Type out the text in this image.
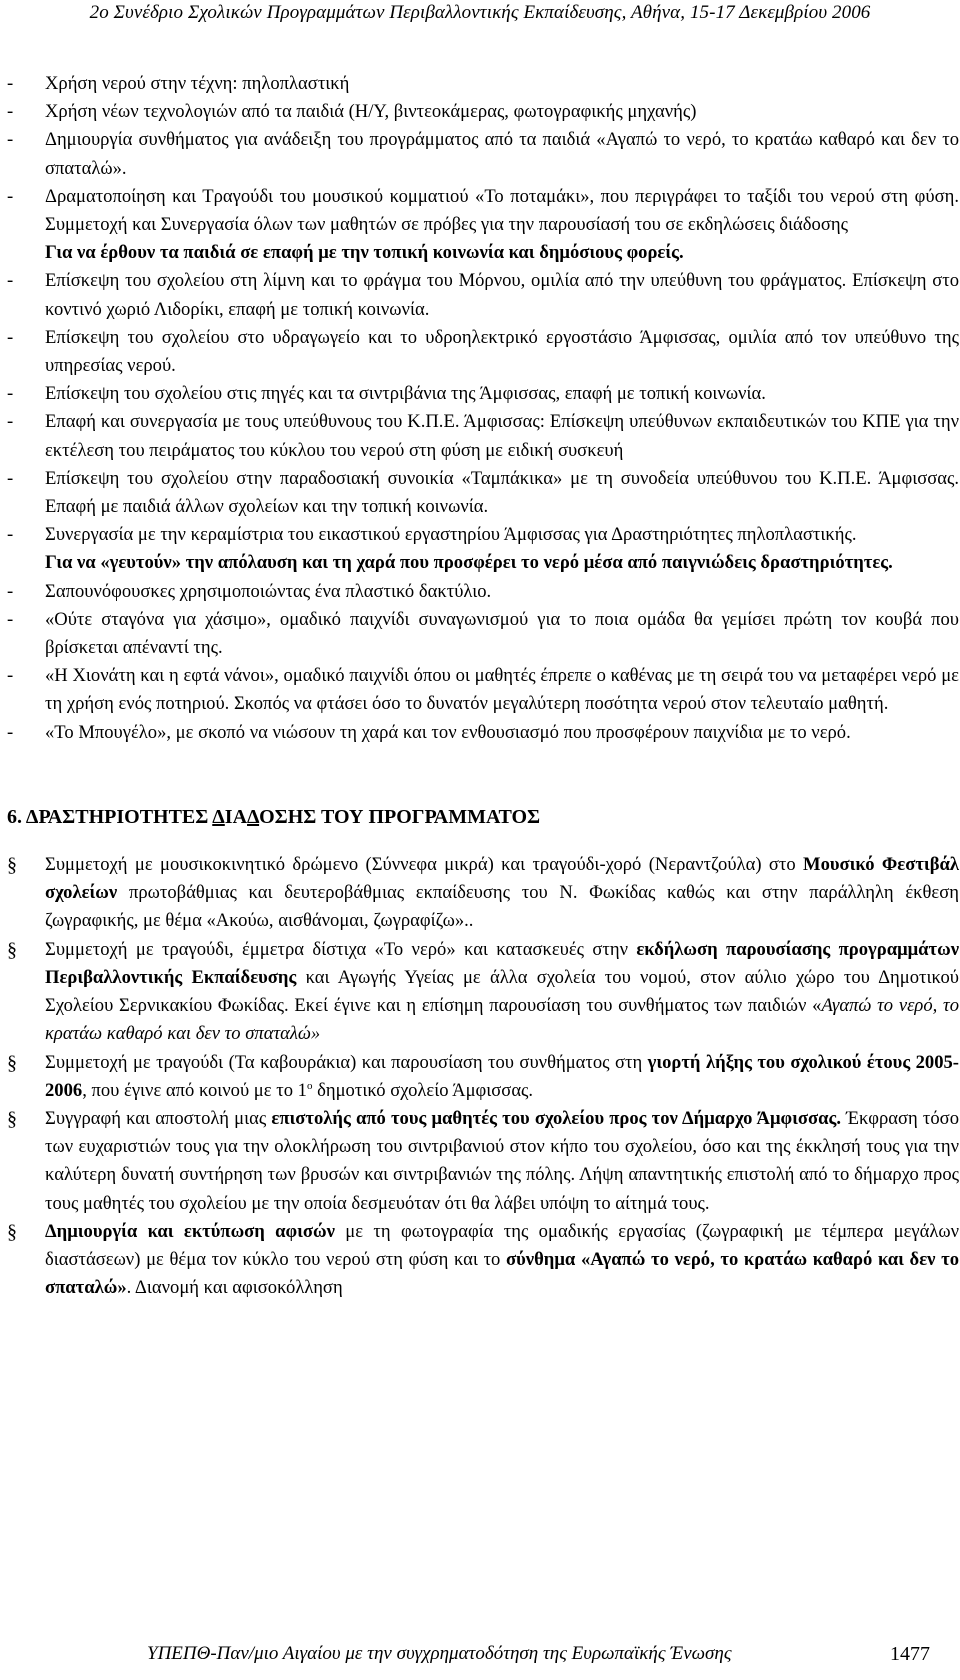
2ο Συνέδριο Σχολικών Προγραμμάτων Περιβαλλοντικής Εκπαίδευσης, Αθήνα, 15-17 Δεκεμβρίου 2006
- Χρήση νερού στην τέχνη: πηλοπλαστική
- Χρήση νέων τεχνολογιών από τα παιδιά (Η/Υ, βιντεοκάμερας, φωτογραφικής μηχανής)
- Δημιουργία συνθήματος για ανάδειξη του προγράμματος από τα παιδιά «Αγαπώ το νερό, το κρατάω καθαρό και δεν το σπαταλώ».
- Δραματοποίηση και Τραγούδι του μουσικού κομματιού «Το ποταμάκι», που περιγράφει το ταξίδι του νερού στη φύση. Συμμετοχή και Συνεργασία όλων των μαθητών σε πρόβες για την παρουσίασή του σε εκδηλώσεις διάδοσης
Για να έρθουν τα παιδιά σε επαφή με την τοπική κοινωνία και δημόσιους φορείς.
- Επίσκεψη του σχολείου στη λίμνη και το φράγμα του Μόρνου, ομιλία από την υπεύθυνη του φράγματος. Επίσκεψη στο κοντινό χωριό Λιδορίκι, επαφή με τοπική κοινωνία.
- Επίσκεψη του σχολείου στο υδραγωγείο και το υδροηλεκτρικό εργοστάσιο Άμφισσας, ομιλία από τον υπεύθυνο της υπηρεσίας νερού.
- Επίσκεψη του σχολείου στις πηγές και τα σιντριβάνια της Άμφισσας, επαφή με τοπική κοινωνία.
- Επαφή και συνεργασία με τους υπεύθυνους του Κ.Π.Ε. Άμφισσας: Επίσκεψη υπεύθυνων εκπαιδευτικών του ΚΠΕ για την εκτέλεση του πειράματος του κύκλου του νερού στη φύση με ειδική συσκευή
- Επίσκεψη του σχολείου στην παραδοσιακή συνοικία «Ταμπάκικα» με τη συνοδεία υπεύθυνου του Κ.Π.Ε. Άμφισσας. Επαφή με παιδιά άλλων σχολείων και την τοπική κοινωνία.
- Συνεργασία με την κεραμίστρια του εικαστικού εργαστηρίου Άμφισσας για Δραστηριότητες πηλοπλαστικής.
Για να «γευτούν» την απόλαυση και τη χαρά που προσφέρει το νερό μέσα από παιγνιώδεις δραστηριότητες.
- Σαπουνόφουσκες χρησιμοποιώντας ένα πλαστικό δακτύλιο.
- «Ούτε σταγόνα για χάσιμο», ομαδικό παιχνίδι συναγωνισμού για το ποια ομάδα θα γεμίσει πρώτη τον κουβά που βρίσκεται απέναντί της.
- «Η Χιονάτη και η εφτά νάνοι», ομαδικό παιχνίδι όπου οι μαθητές έπρεπε ο καθένας με τη σειρά του να μεταφέρει νερό με τη χρήση ενός ποτηριού. Σκοπός να φτάσει όσο το δυνατόν μεγαλύτερη ποσότητα νερού στον τελευταίο μαθητή.
- «Το Μπουγέλο», με σκοπό να νιώσουν τη χαρά και τον ενθουσιασμό που προσφέρουν παιχνίδια με το νερό.
6. ΔΡΑΣΤΗΡΙΟΤΗΤΕΣ ΔΙΑΔΟΣΗΣ ΤΟΥ ΠΡΟΓΡΑΜΜΑΤΟΣ
§ Συμμετοχή με μουσικοκινητικό δρώμενο (Σύννεφα μικρά) και τραγούδι-χορό (Νεραντζούλα) στο Μουσικό Φεστιβάλ σχολείων πρωτοβάθμιας και δευτεροβάθμιας εκπαίδευσης του Ν. Φωκίδας καθώς και στην παράλληλη έκθεση ζωγραφικής, με θέμα «Ακούω, αισθάνομαι, ζωγραφίζω»..
§ Συμμετοχή με τραγούδι, έμμετρα δίστιχα «Το νερό» και κατασκευές στην εκδήλωση παρουσίασης προγραμμάτων Περιβαλλοντικής Εκπαίδευσης και Αγωγής Υγείας με άλλα σχολεία του νομού, στον αύλιο χώρο του Δημοτικού Σχολείου Σερνικακίου Φωκίδας. Εκεί έγινε και η επίσημη παρουσίαση του συνθήματος των παιδιών «Αγαπώ το νερό, το κρατάω καθαρό και δεν το σπαταλώ»
§ Συμμετοχή με τραγούδι (Τα καβουράκια) και παρουσίαση του συνθήματος στη γιορτή λήξης του σχολικού έτους 2005-2006, που έγινε από κοινού με το $1^o$ δημοτικό σχολείο Άμφισσας.
§ Συγγραφή και αποστολή μιας επιστολής από τους μαθητές του σχολείου προς τον Δήμαρχο Άμφισσας. Έκφραση τόσο των ευχαριστιών τους για την ολοκλήρωση του σιντριβανιού στον κήπο του σχολείου, όσο και της έκκλησή τους για την καλύτερη δυνατή συντήρηση των βρυσών και σιντριβανιών της πόλης. Λήψη απαντητικής επιστολή από το δήμαρχο προς τους μαθητές του σχολείου με την οποία δεσμευόταν ότι θα λάβει υπόψη το αίτημά τους.
§ Δημιουργία και εκτύπωση αφισών με τη φωτογραφία της ομαδικής εργασίας (ζωγραφική με τέμπερα μεγάλων διαστάσεων) με θέμα τον κύκλο του νερού στη φύση και το σύνθημα «Αγαπώ το νερό, το κρατάω καθαρό και δεν το σπαταλώ». Διανομή και αφισοκόλληση
ΥΠΕΠΘ-Παν/μιο Αιγαίου με την συγχρηματοδότηση της Ευρωπαϊκής Ένωσης	1477
